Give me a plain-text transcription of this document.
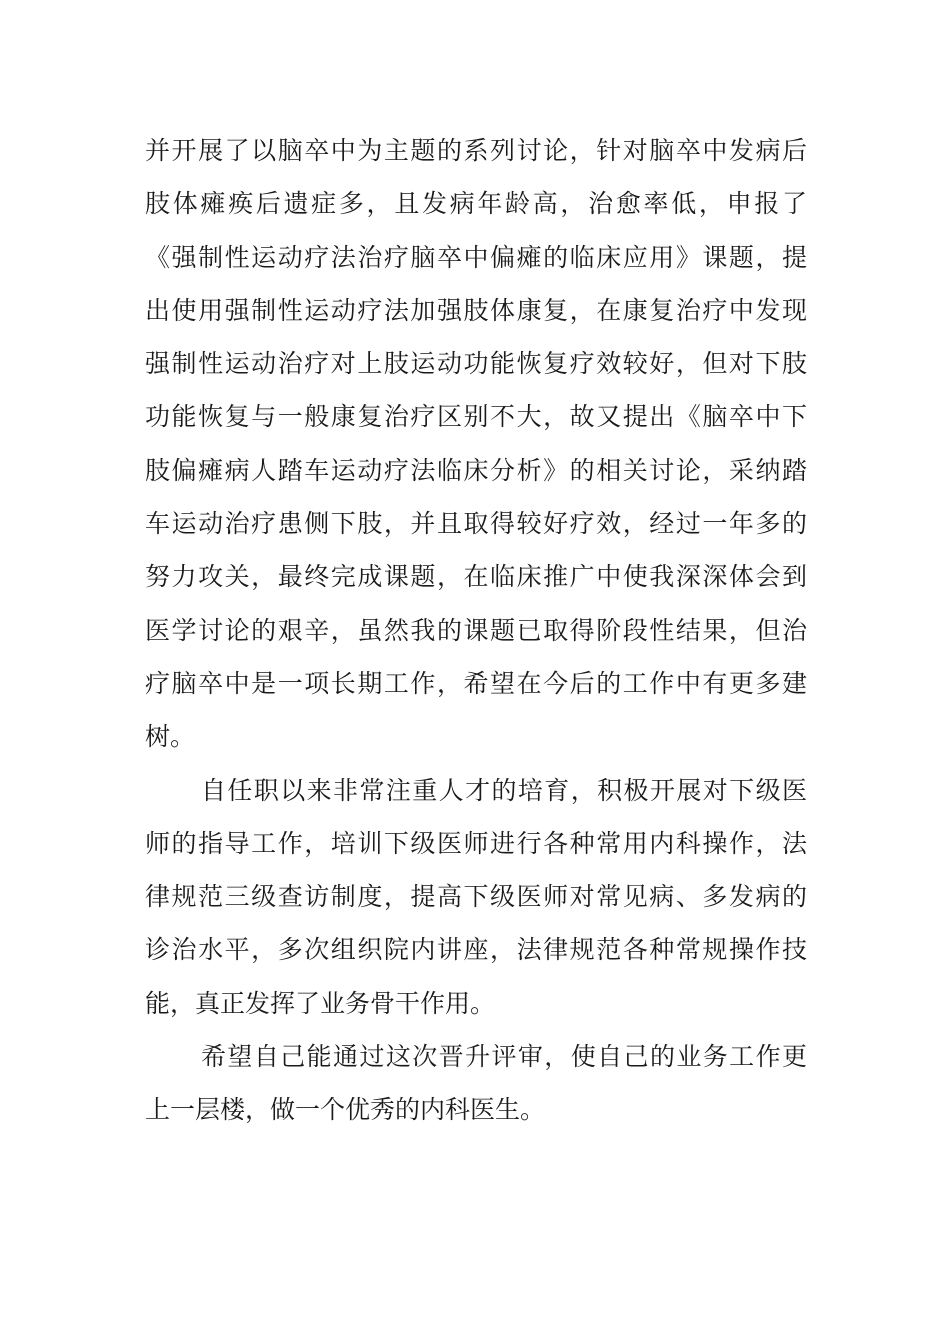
并开展了以脑卒中为主题的系列讨论，针对脑卒中发病后
肢体瘫痪后遗症多，且发病年龄高，治愈率低，申报了
《强制性运动疗法治疗脑卒中偏瘫的临床应用》课题，提
出使用强制性运动疗法加强肢体康复，在康复治疗中发现
强制性运动治疗对上肢运动功能恢复疗效较好，但对下肢
功能恢复与一般康复治疗区别不大，故又提出《脑卒中下
肢偏瘫病人踏车运动疗法临床分析》的相关讨论，采纳踏
车运动治疗患侧下肢，并且取得较好疗效，经过一年多的
努力攻关，最终完成课题，在临床推广中使我深深体会到
医学讨论的艰辛，虽然我的课题已取得阶段性结果，但治
疗脑卒中是一项长期工作，希望在今后的工作中有更多建
树。
自任职以来非常注重人才的培育，积极开展对下级医
师的指导工作，培训下级医师进行各种常用内科操作，法
律规范三级查访制度，提高下级医师对常见病、多发病的
诊治水平，多次组织院内讲座，法律规范各种常规操作技
能，真正发挥了业务骨干作用。
希望自己能通过这次晋升评审，使自己的业务工作更
上一层楼，做一个优秀的内科医生。
